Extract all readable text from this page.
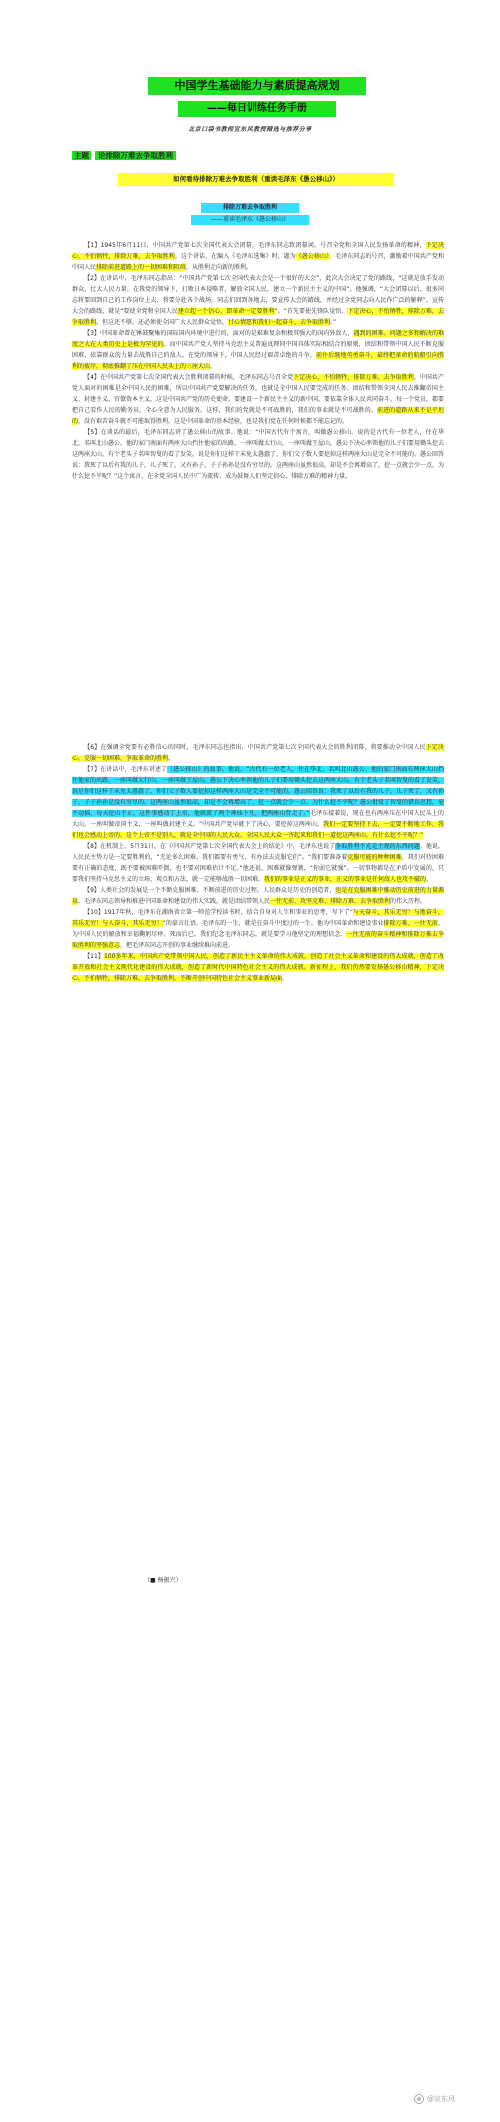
中国学生基础能力与素质提高规划
——每日训练任务手册
北京口袋书教师宣东风教授精选与推荐分享
主题 论排除万难去争取胜利
如何看待排除万难去争取胜利（重读毛泽东《愚公移山》）
排除万难去争取胜利
——重读毛泽东《愚公移山》

【1】1945年6月11日，中国共产党第七次全国代表大会闭幕，毛泽东同志致闭幕词。号召全党和全国人民发扬革命的精神，下定决心，不怕牺牲，排除万难，去争取胜利。这个讲话，在编入《毛泽东选集》时，题为《愚公移山》。毛泽东同志的号召，激励着中国共产党和中国人民排除前进道路上的一切困难和阻碍，从胜利走向新的胜利。

【2】在讲话中，毛泽东同志指出：“中国共产党第七次全国代表大会是一个很好的大会”，此次大会决定了党的路线，“这就是放手发动群众，壮大人民力量，在我党的领导下，打败日本侵略者，解放全国人民，建立一个新民主主义的中国”。他强调，“大会闭幕以后，很多同志将要回到自己的工作岗位上去，将要分赴各个战场。同志们回到各地去，要宣传大会的路线，并经过全党同志向人民作广泛的解释”。宣传大会的路线，就是“要使全党和全国人民建立起一个信心，即革命一定要胜利”。“首先要使先锋队觉悟，下定决心，不怕牺牲，排除万难，去争取胜利。但这还不够，还必须使全国广大人民群众觉悟，甘心情愿和我们一起奋斗，去争取胜利。”

【3】中国革命曾在锤鼓聚集的国际国内环境中进行的，面对的是艰难复杂和极其强大的国内外敌人，遇到的困难、问题之多和解决的难度之大在人类历史上是极为罕见的。而中国共产党人坚持马克思主义普遍真理同中国具体实际相结合的原则，团结和带领中国人民不断克服困难，依靠群众的力量去战胜自己的敌人。在党的领导下，中国人民经过艰苦卓绝的斗争，前仆后继地英勇奋斗，最终把革命的航船引向胜利的彼岸，彻底推翻了压在中国人民头上的三座大山。

【4】在中国共产党第七次全国代表大会胜利闭幕的时候，毛泽东同志号召全党下定决心，不怕牺牲，排除万难，去争取胜利。中国共产党人面对的困难是全中国人民的困难，所以中国共产党要解决的任务，也就是全中国人民要完成的任务。团结和带领全国人民去推翻帝国主义、封建主义、官僚资本主义，这是中国共产党的历史使命。要建设一个新民主主义的新中国，要依靠全体人民共同奋斗。每一个党员，都要把自己看作人民的勤务员，全心全意为人民服务。这样，我们的党就是不可战胜的，我们的事业就是不可战胜的。前进的道路从来不是平坦的，没有艰苦奋斗就不可能取得胜利，这是中国革命的基本经验，也是我们党在任何时候都不能忘记的。

【5】在谈话的最后，毛泽东同志讲了愚公移山的故事。他说：“中国古代有个寓言，叫做愚公移山。说的是古代有一位老人，住在华北，名叫北山愚公。他的家门南面有两座大山挡住他家的出路，一座叫做太行山，一座叫做王屋山。愚公下决心率领他的儿子们要用锄头挖去这两座大山。有个老头子名叫智叟的看了发笑，说是你们这样干未免太愚蠢了，你们父子数人要挖掉这样两座大山是完全不可能的。愚公回答说：我死了以后有我的儿子，儿子死了，又有孙子，子子孙孙是没有穷尽的。这两座山虽然很高，却是不会再增高了，挖一点就会少一点，为什么挖不平呢？”这个寓言，在全党全国人民中广为流传，成为鼓舞人们坚定信心、排除万难的精神力量。

【6】在强调全党要有必胜信心的同时，毛泽东同志也指出，中国共产党第七次全国代表大会的胜利闭幕，将要推动全中国人民下定决心，克服一切困难，争取革命的胜利。

【7】在讲话中，毛泽东讲述了《愚公移山》的故事。他说，“古代有一位老人，住在华北，名叫北山愚公。他的家门南面有两座大山挡住他家的出路，一座叫做太行山，一座叫做王屋山。愚公下决心率领他的儿子们要用锄头挖去这两座大山。有个老头子名叫智叟的看了发笑，说是你们这样干未免太愚蠢了，你们父子数人要挖掉这样两座大山是完全不可能的。愚公回答说：我死了以后有我的儿子，儿子死了，又有孙子，子子孙孙是没有穷尽的。这两座山虽然很高，却是不会再增高了，挖一点就会少一点，为什么挖不平呢？愚公批驳了智叟的错误思想，毫不动摇，每天挖山不止，这件事感动了上帝，他就派了两个神仙下凡，把两座山背走了。”毛泽东接着说，现在也有两座压在中国人民头上的大山，一座叫做帝国主义，一座叫做封建主义。“中国共产党早就下了决心，要挖掉这两座山。我们一定要坚持下去，一定要不断地工作，我们也会感动上帝的。这个上帝不是别人，就是全中国的人民大众。全国人民大众一齐起来和我们一道挖这两座山，有什么挖不平呢？”

【8】在机制上，5月31日，在《中国共产党第七次全国代表大会上的结论》中，毛泽东也说了争取胜利不光是主观的东西问题。他说，人民民主势力是一定要胜利的，“无论多么困难，我们都要有勇气、有办法去克服它们”。“我们要准备着克服可能的种种困难，我们对待困难要有正确的态度，既不要被困难吓倒，也不要对困难估计不足。”他还说，困难就像弹簧，“你弱它就强”。一切事物都是在矛盾中发展的，只要我们坚持马克思主义的立场、观点和方法，就一定能够战胜一切困难。我们的事业是正义的事业，正义的事业是任何敌人也攻不破的。

【9】人类社会的发展是一个不断克服困难、不断前进的历史过程。人民群众是历史的创造者，也是在克服困难中推动历史前进的力量源泉。毛泽东同志领导和推进中国革命和建设的伟大实践，就是团结带领人民一往无前、攻坚克难、排除万难、去争取胜利的伟大历程。

【10】1917年秋，毛泽东在湖南省立第一师范学校读书时，结合自身对人生和事业的思考，写下了“与天奋斗，其乐无穷！与地奋斗，其乐无穷！与人奋斗，其乐无穷！”的豪言壮语。毛泽东的一生，就是在奋斗中度过的一生。他为中国革命和建设事业排除万难、一往无前，为中国人民的解放和幸福鞠躬尽瘁、死而后已。我们纪念毛泽东同志，就是要学习他坚定的理想信念、一往无前的奋斗精神和排除万难去争取胜利的坚强意志，把毛泽东同志开创的事业继续推向前进。

【11】100多年来，中国共产党带领中国人民，创造了新民主主义革命的伟大成就，创造了社会主义革命和建设的伟大成就，创造了改革开放和社会主义现代化建设的伟大成就，创造了新时代中国特色社会主义的伟大成就。新征程上，我们仍然要发扬愚公移山精神，下定决心，不怕牺牲，排除万难，去争取胜利，不断开创中国特色社会主义事业新局面。

（■ 杨振兴）
@宣东风
